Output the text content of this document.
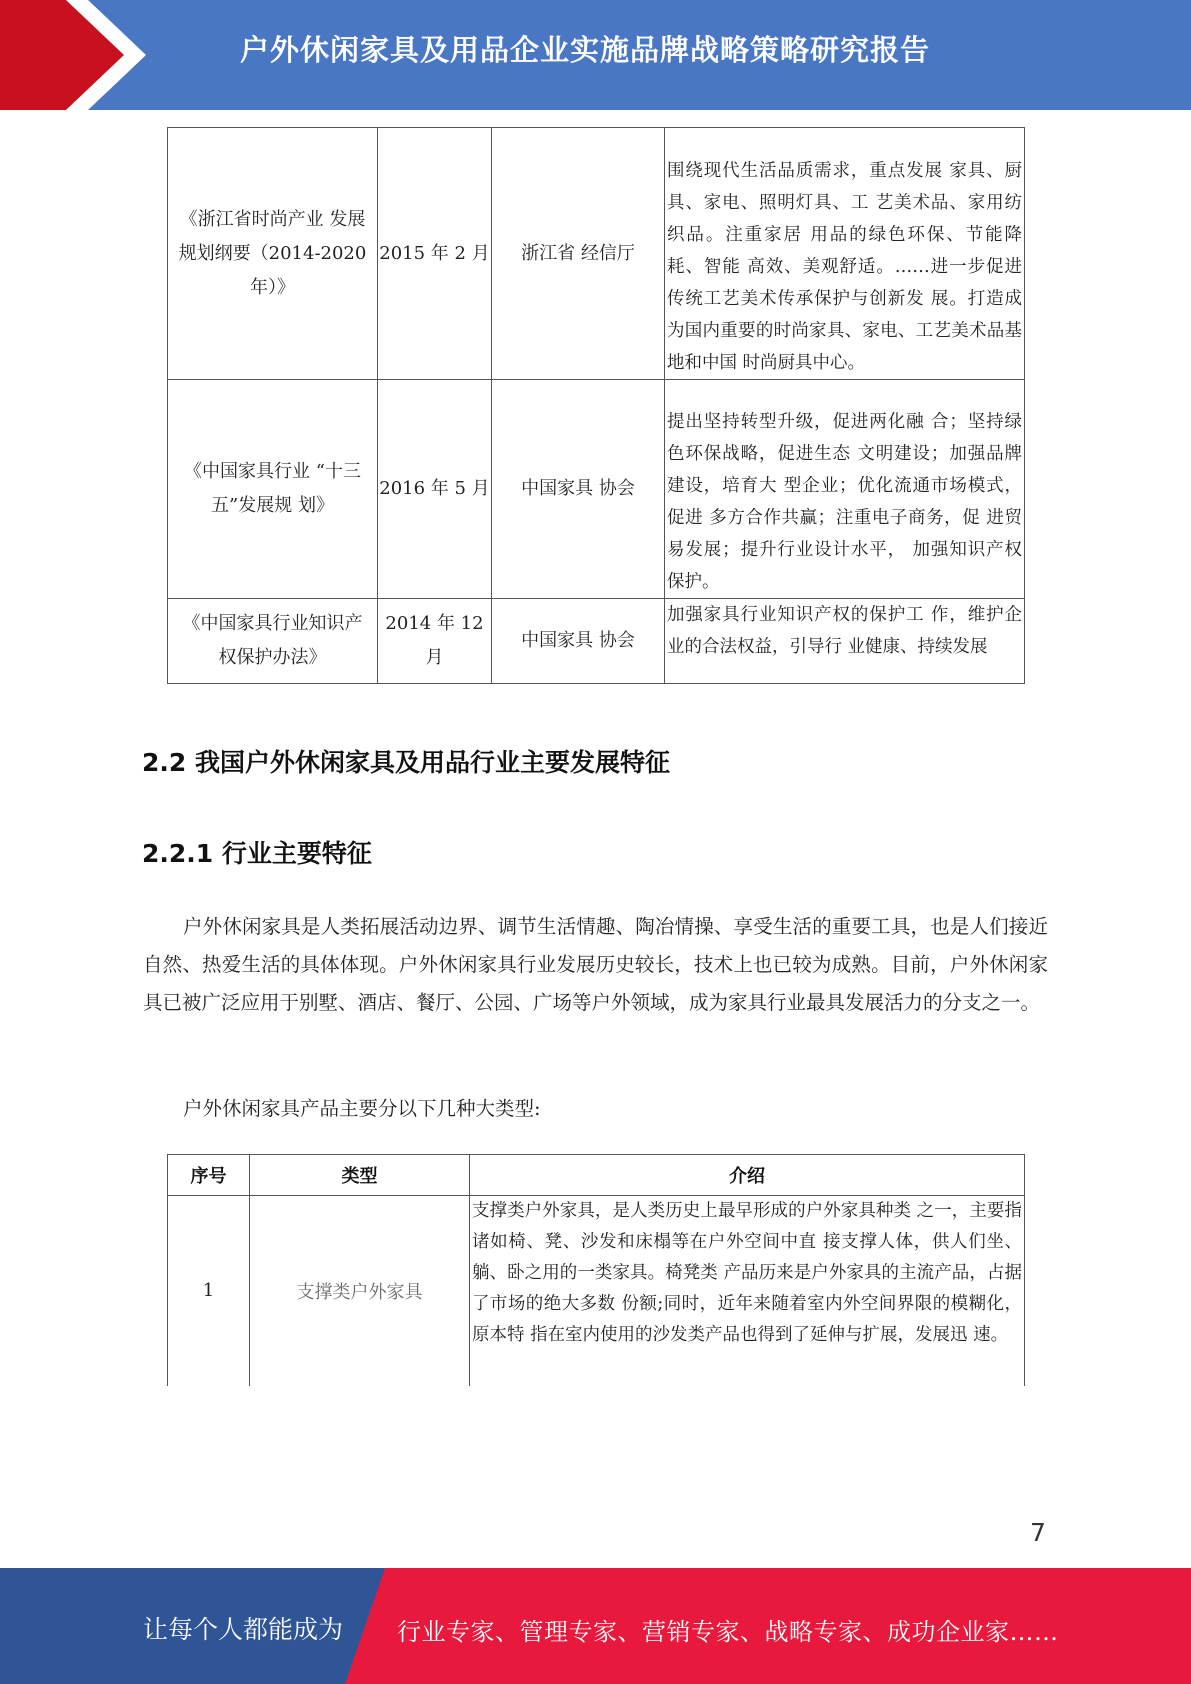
户外休闲家具及用品企业实施品牌战略策略研究报告
《浙江省时尚产业 发展规划纲要（2014-2020 年）》	2015 年 2 月	浙江省 经信厅	围绕现代生活品质需求，重点发展 家具、厨具、家电、照明灯具、工 艺美术品、家用纺织品。注重家居 用品的绿色环保、节能降耗、智能 高效、美观舒适。……进一步促进 传统工艺美术传承保护与创新发 展。打造成为国内重要的时尚家具、家电、工艺美术品基地和中国 时尚厨具中心。
《中国家具行业 “十三五”发展规 划》	2016 年 5 月	中国家具 协会	提出坚持转型升级，促进两化融 合；坚持绿色环保战略，促进生态 文明建设；加强品牌建设，培育大 型企业；优化流通市场模式，促进 多方合作共赢；注重电子商务，促 进贸易发展；提升行业设计水平， 加强知识产权保护。
《中国家具行业知识产权保护办法》	2014 年 12 月	中国家具 协会	加强家具行业知识产权的保护工 作，维护企业的合法权益，引导行 业健康、持续发展
2.2 我国户外休闲家具及用品行业主要发展特征
2.2.1 行业主要特征
户外休闲家具是人类拓展活动边界、调节生活情趣、陶冶情操、享受生活的重要工具，也是人们接近自然、热爱生活的具体体现。户外休闲家具行业发展历史较长，技术上也已较为成熟。目前，户外休闲家具已被广泛应用于别墅、酒店、餐厅、公园、广场等户外领域，成为家具行业最具发展活力的分支之一。
户外休闲家具产品主要分以下几种大类型:
序号	类型	介绍
1	支撑类户外家具	支撑类户外家具，是人类历史上最早形成的户外家具种类 之一，主要指诸如椅、凳、沙发和床榻等在户外空间中直 接支撑人体，供人们坐、躺、卧之用的一类家具。椅凳类 产品历来是户外家具的主流产品，占据了市场的绝大多数 份额;同时，近年来随着室内外空间界限的模糊化，原本特 指在室内使用的沙发类产品也得到了延伸与扩展，发展迅 速。
7
让每个人都能成为 行业专家、管理专家、营销专家、战略专家、成功企业家……
